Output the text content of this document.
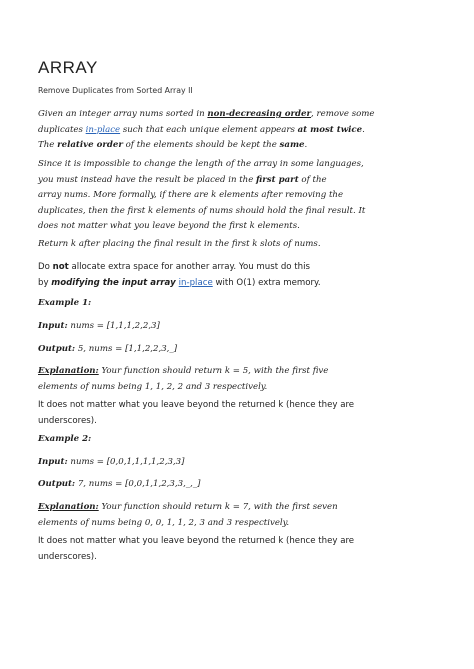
ARRAY
Remove Duplicates from Sorted Array II
Given an integer array nums sorted in non-decreasing order, remove some
duplicates in-place such that each unique element appears at most twice.
The relative order of the elements should be kept the same.
Since it is impossible to change the length of the array in some languages,
you must instead have the result be placed in the first part of the
array nums. More formally, if there are k elements after removing the
duplicates, then the first k elements of nums should hold the final result. It
does not matter what you leave beyond the first k elements.
Return k after placing the final result in the first k slots of nums.
Do not allocate extra space for another array. You must do this
by modifying the input array in-place with O(1) extra memory.
Example 1:
Input: nums = [1,1,1,2,2,3]
Output: 5, nums = [1,1,2,2,3,_]
Explanation: Your function should return k = 5, with the first five
elements of nums being 1, 1, 2, 2 and 3 respectively.
It does not matter what you leave beyond the returned k (hence they are
underscores).
Example 2:
Input: nums = [0,0,1,1,1,1,2,3,3]
Output: 7, nums = [0,0,1,1,2,3,3,_,_]
Explanation: Your function should return k = 7, with the first seven
elements of nums being 0, 0, 1, 1, 2, 3 and 3 respectively.
It does not matter what you leave beyond the returned k (hence they are
underscores).
